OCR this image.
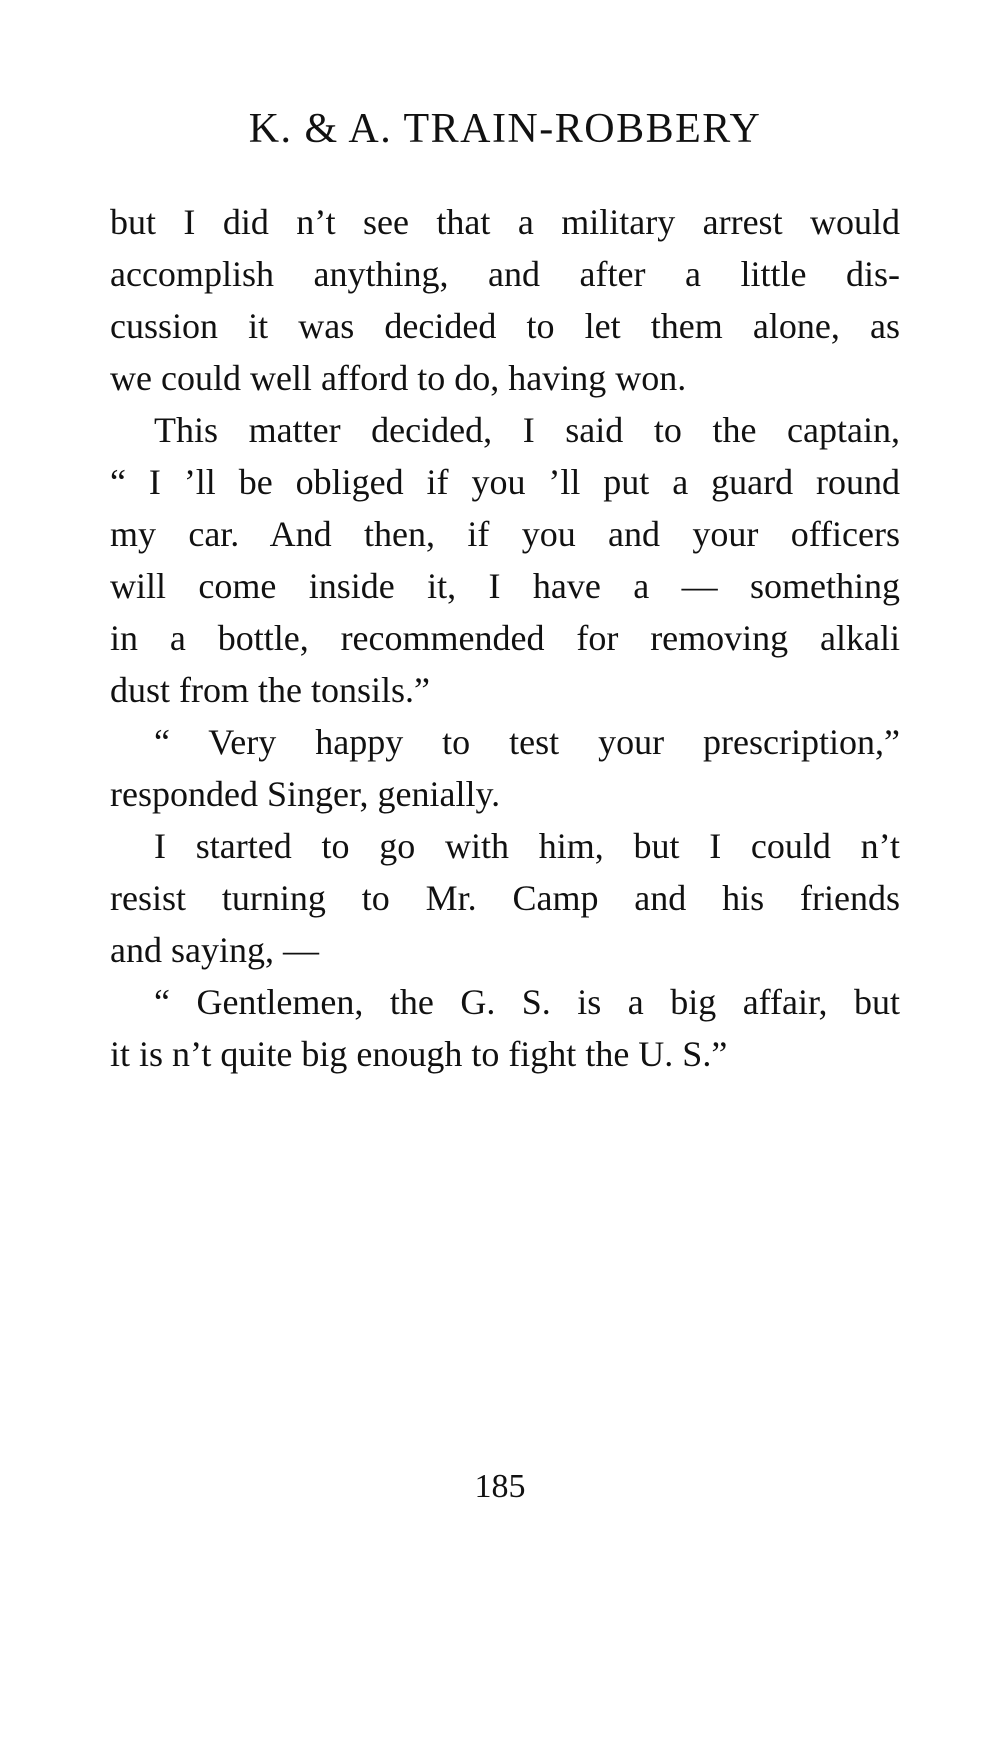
K. & A. TRAIN-ROBBERY
but I did n’t see that a military arrest would
accomplish anything, and after a little dis-
cussion it was decided to let them alone, as
we could well afford to do, having won.
This matter decided, I said to the captain,
“ I ’ll be obliged if you ’ll put a guard round
my car. And then, if you and your officers
will come inside it, I have a — something
in a bottle, recommended for removing alkali
dust from the tonsils.”
“ Very happy to test your prescription,”
responded Singer, genially.
I started to go with him, but I could n’t
resist turning to Mr. Camp and his friends
and saying, —
“ Gentlemen, the G. S. is a big affair, but
it is n’t quite big enough to fight the U. S.”
185
